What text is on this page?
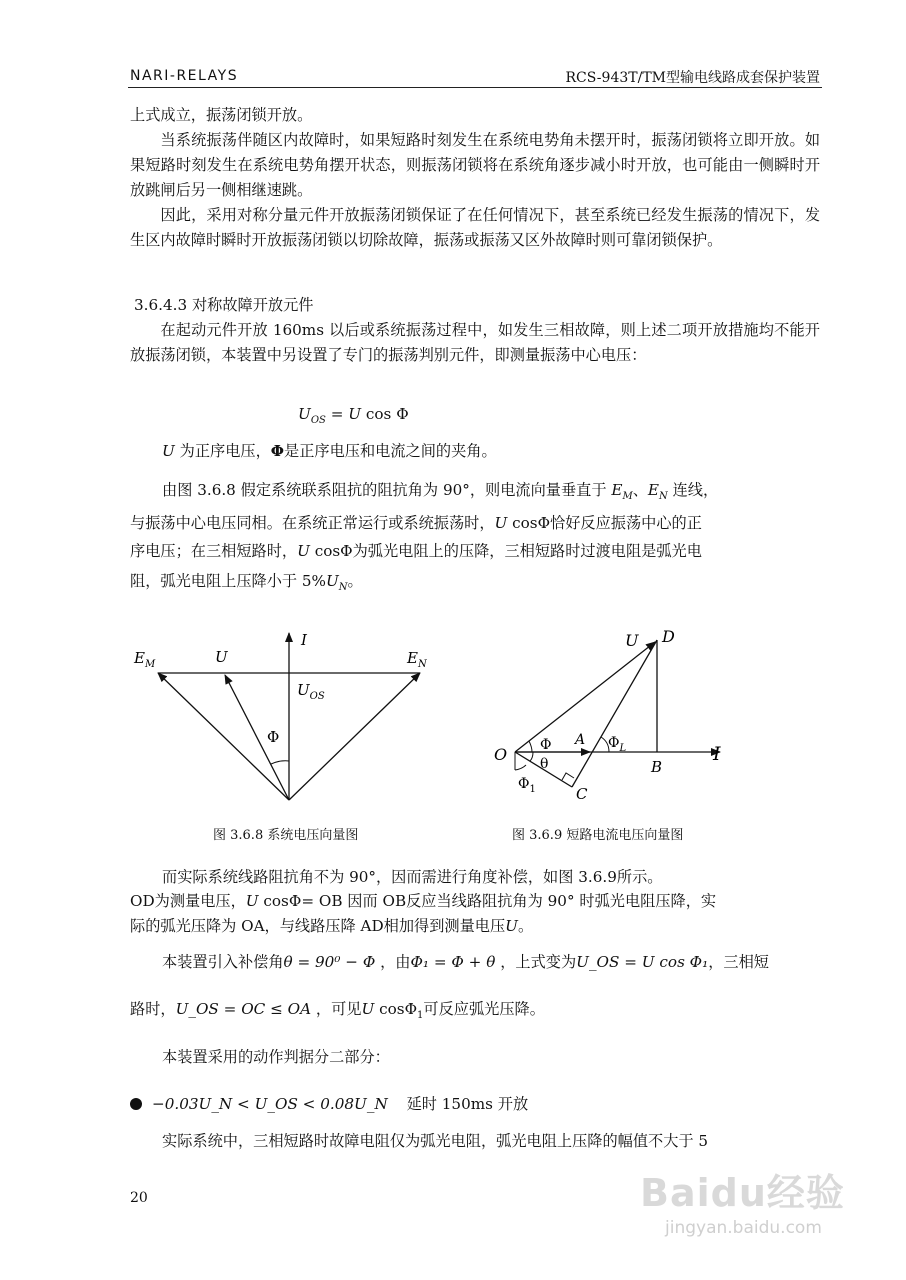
NARI-RELAYS	RCS-943T/TM型输电线路成套保护装置

上式成立，振荡闭锁开放。

当系统振荡伴随区内故障时，如果短路时刻发生在系统电势角未摆开时，振荡闭锁将立即开放。如果短路时刻发生在系统电势角摆开状态，则振荡闭锁将在系统角逐步减小时开放，也可能由一侧瞬时开放跳闸后另一侧相继速跳。

因此，采用对称分量元件开放振荡闭锁保证了在任何情况下，甚至系统已经发生振荡的情况下，发生区内故障时瞬时开放振荡闭锁以切除故障，振荡或振荡又区外故障时则可靠闭锁保护。

3.6.4.3 对称故障开放元件

在起动元件开放 160ms 以后或系统振荡过程中，如发生三相故障，则上述二项开放措施均不能开放振荡闭锁，本装置中另设置了专门的振荡判别元件，即测量振荡中心电压：

$U_{OS} = U$ cos Φ
U 为正序电压，Φ是正序电压和电流之间的夹角。
由图 3.6.8 假定系统联系阻抗的阻抗角为 90°，则电流向量垂直于 $E_M$、$E_N$ 连线，
与振荡中心电压同相。在系统正常运行或系统振荡时，U cosΦ恰好反应振荡中心的正
序电压；在三相短路时，U cosΦ为弧光电阻上的压降，三相短路时过渡电阻是弧光电
阻，弧光电阻上压降小于 $5\%U_N$。
$E_M$	U
I
$E_N$
$U_{OS}$
Φ
图 3.6.8 系统电压向量图
U D
O Φ
θ
A $\Phi_L$
B
I
$\Phi_1$	C
图 3.6.9 短路电流电压向量图
而实际系统线路阻抗角不为 90°，因而需进行角度补偿，如图 3.6.9所示。
OD为测量电压，U cosΦ= OB 因而 OB反应当线路阻抗角为 90° 时弧光电阻压降，实
际的弧光压降为 OA，与线路压降 AD相加得到测量电压U。
本装置引入补偿角θ = 90⁰ − Φ ，由Φ₁ = Φ + θ ，上式变为U_OS = U cos Φ₁，三相短
路时，U_OS = OC ≤ OA ，可见U cosΦ$_1$可反应弧光压降。
本装置采用的动作判据分二部分：
−0.03U_N < U_OS < 0.08U_N 延时 150ms 开放
实际系统中，三相短路时故障电阻仅为弧光电阻，弧光电阻上压降的幅值不大于 5
20	Baidu经验
jingyan.baidu.com
